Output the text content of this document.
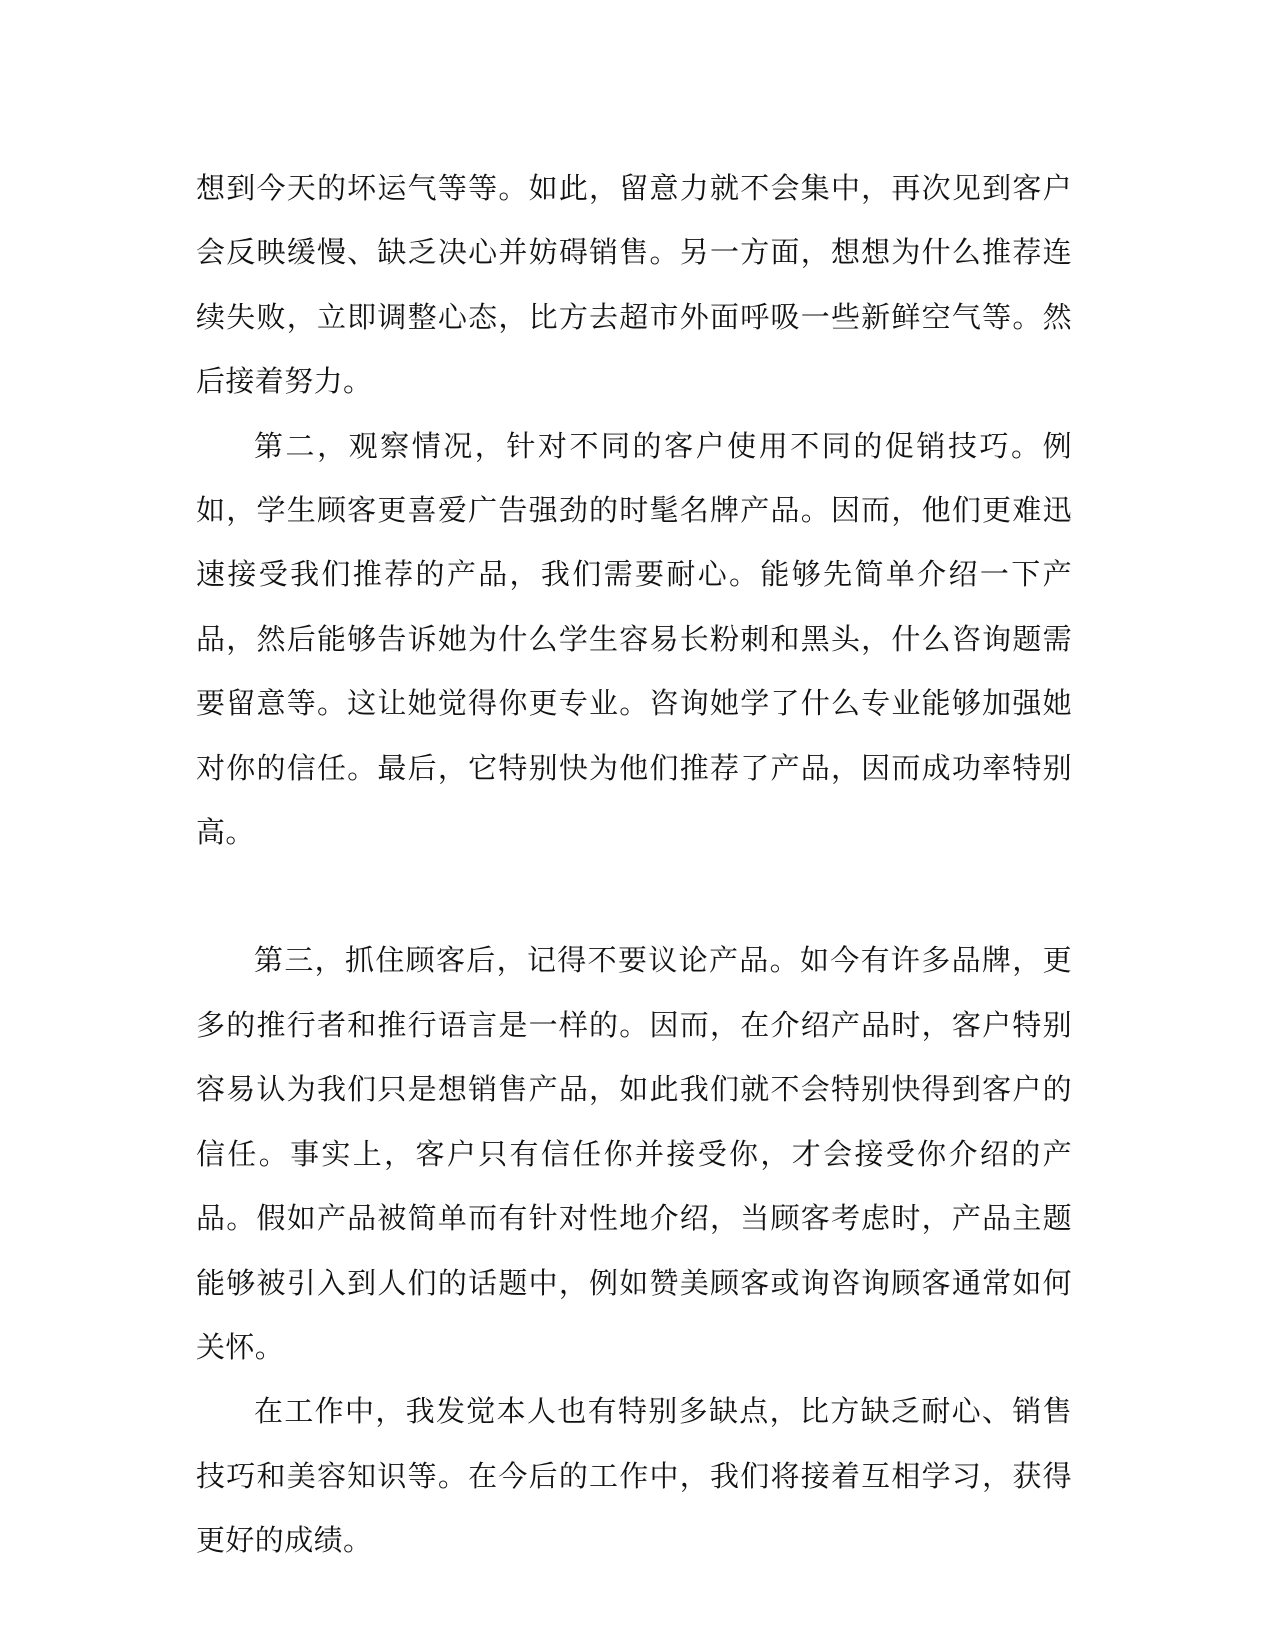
想到今天的坏运气等等。如此，留意力就不会集中，再次见到客户会反映缓慢、缺乏决心并妨碍销售。另一方面，想想为什么推荐连续失败，立即调整心态，比方去超市外面呼吸一些新鲜空气等。然后接着努力。

第二，观察情况，针对不同的客户使用不同的促销技巧。例如，学生顾客更喜爱广告强劲的时髦名牌产品。因而，他们更难迅速接受我们推荐的产品，我们需要耐心。能够先简单介绍一下产品，然后能够告诉她为什么学生容易长粉刺和黑头，什么咨询题需要留意等。这让她觉得你更专业。咨询她学了什么专业能够加强她对你的信任。最后，它特别快为他们推荐了产品，因而成功率特别高。

第三，抓住顾客后，记得不要议论产品。如今有许多品牌，更多的推行者和推行语言是一样的。因而，在介绍产品时，客户特别容易认为我们只是想销售产品，如此我们就不会特别快得到客户的信任。事实上，客户只有信任你并接受你，才会接受你介绍的产品。假如产品被简单而有针对性地介绍，当顾客考虑时，产品主题能够被引入到人们的话题中，例如赞美顾客或询咨询顾客通常如何关怀。

在工作中，我发觉本人也有特别多缺点，比方缺乏耐心、销售技巧和美容知识等。在今后的工作中，我们将接着互相学习，获得更好的成绩。
